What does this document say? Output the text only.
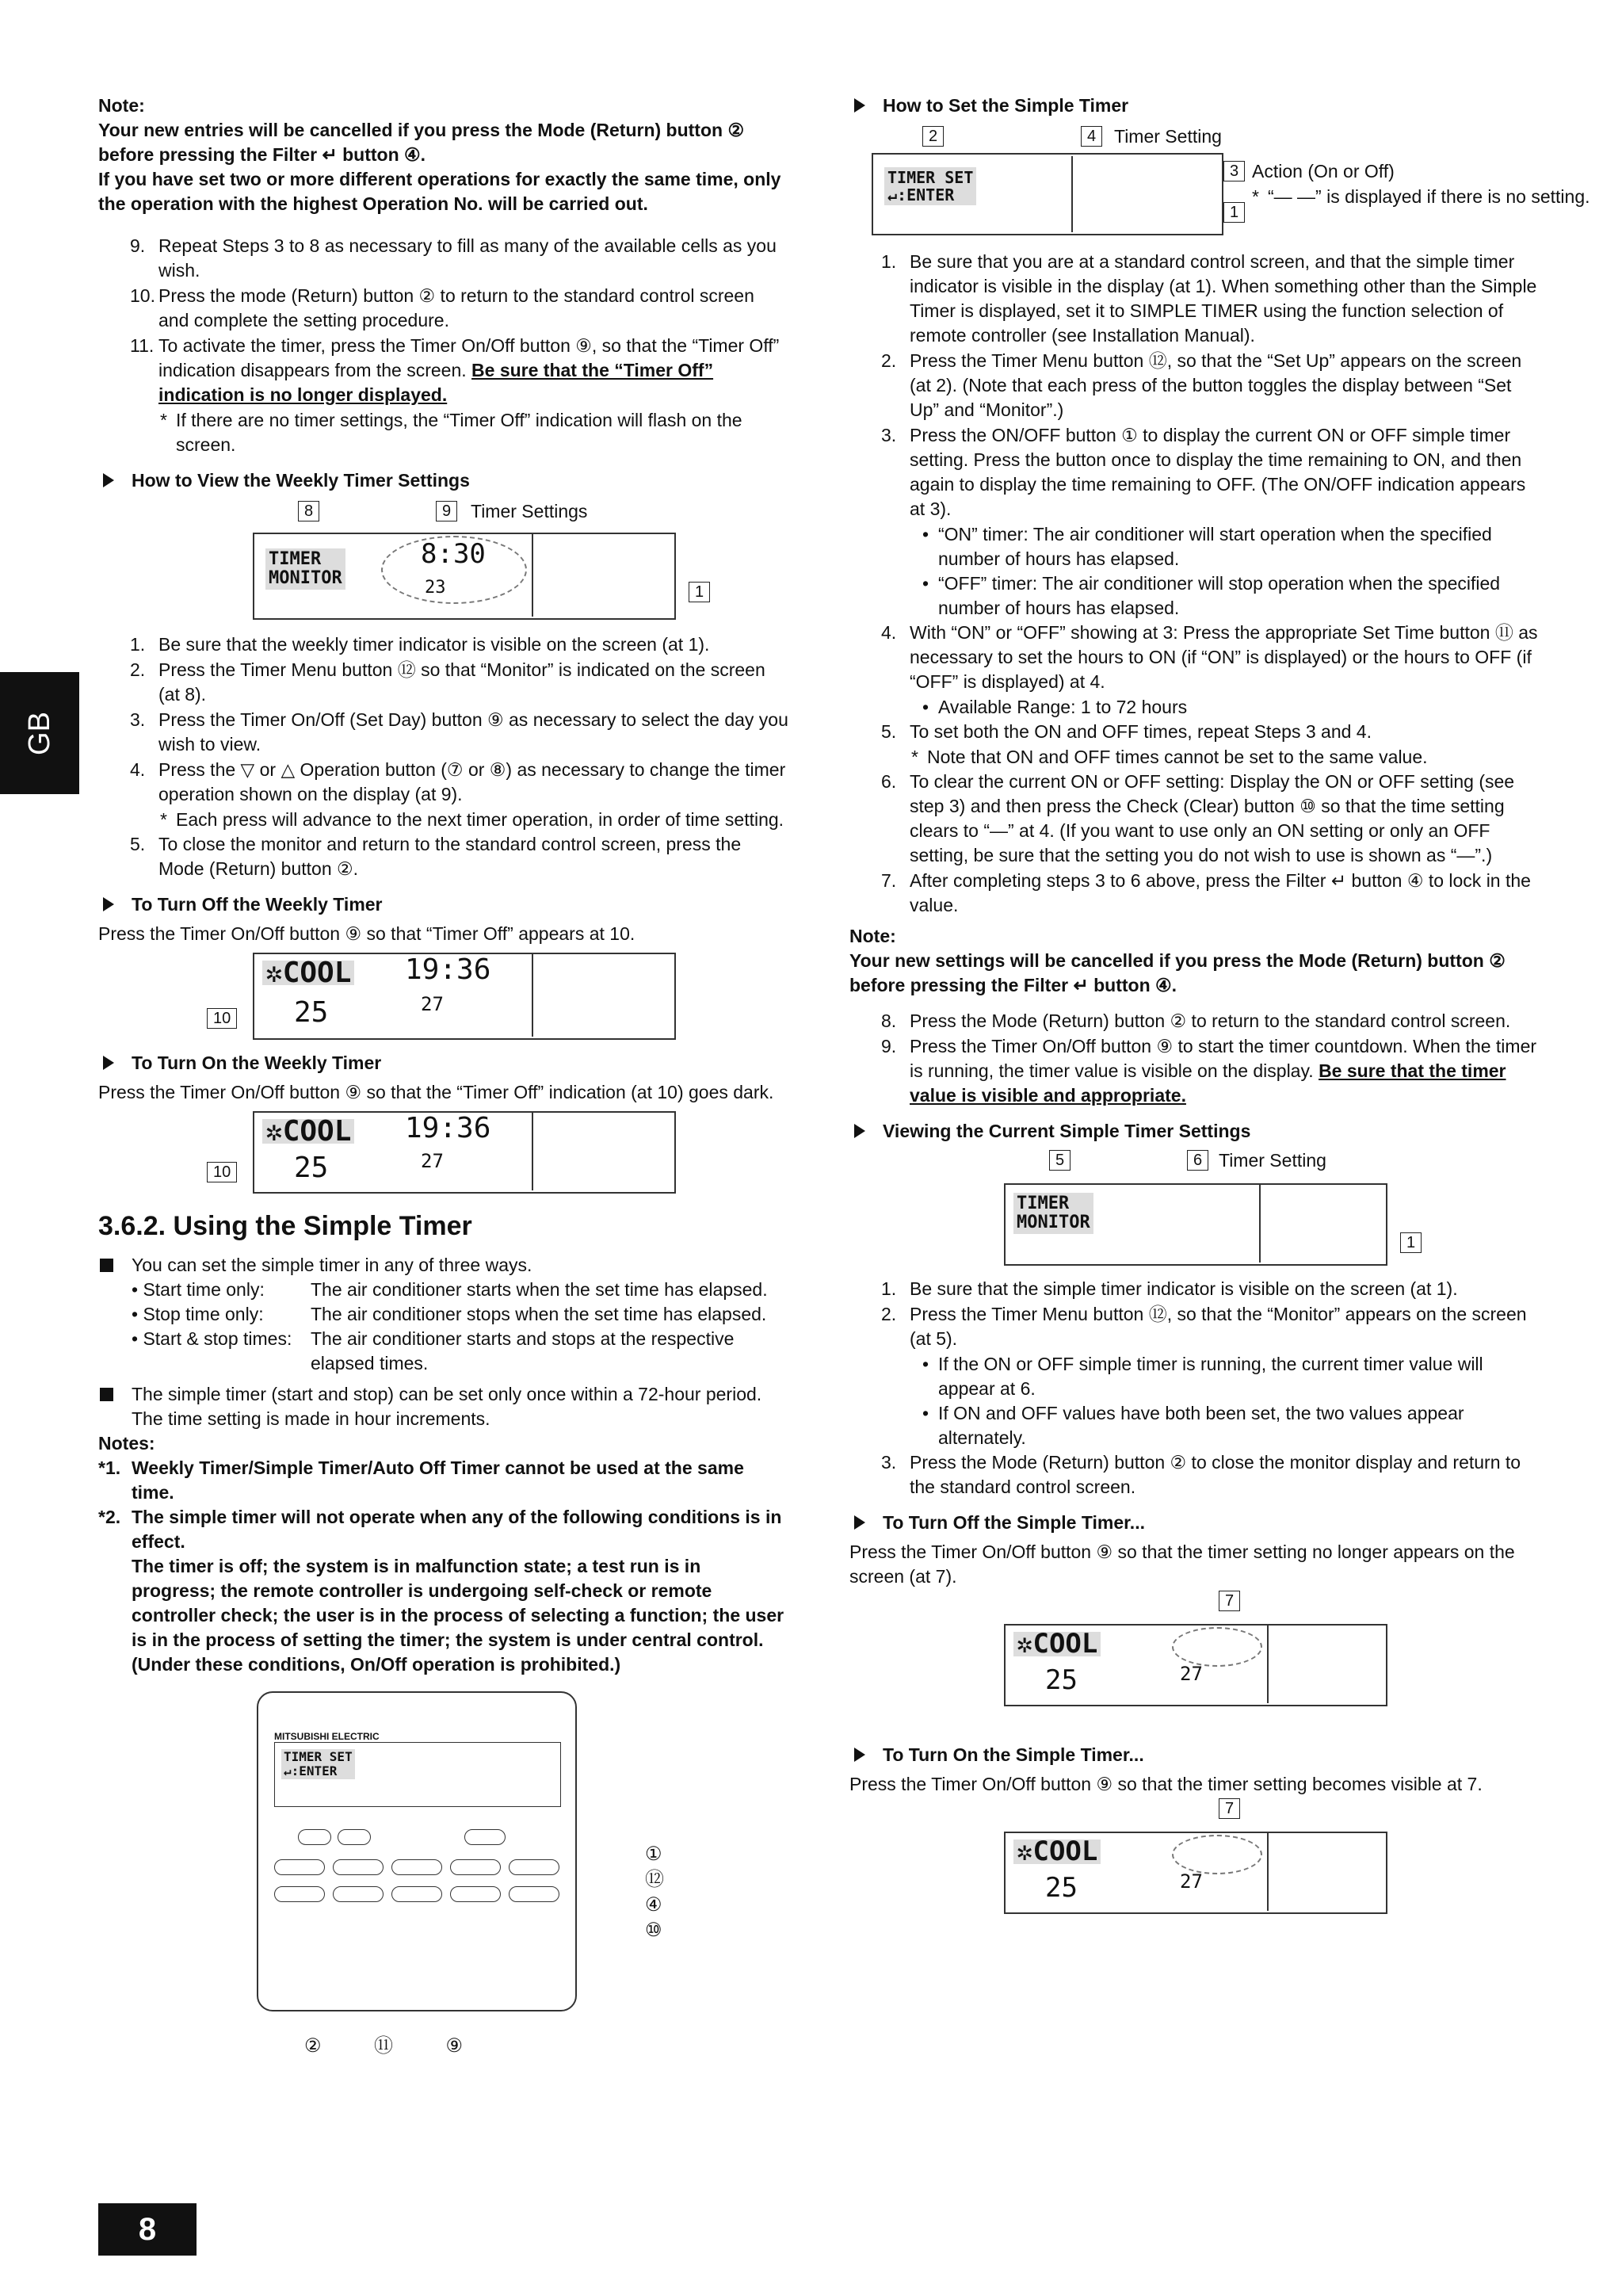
GB

Note:

Your new entries will be cancelled if you press the Mode (Return) button ② before pressing the Filter ↵ button ④.

If you have set two or more different operations for exactly the same time, only the operation with the highest Operation No. will be carried out.

9. Repeat Steps 3 to 8 as necessary to fill as many of the available cells as you wish.
10. Press the mode (Return) button ② to return to the standard control screen and complete the setting procedure.
11. To activate the timer, press the Timer On/Off button ⑨, so that the “Timer Off” indication disappears from the screen. Be sure that the “Timer Off” indication is no longer displayed.

* If there are no timer settings, the “Timer Off” indication will flash on the screen.

How to View the Weekly Timer Settings
8	9	Timer Settings
TIMER
MONITOR
8:30
23	1
1. Be sure that the weekly timer indicator is visible on the screen (at 1).
2. Press the Timer Menu button ⑫ so that “Monitor” is indicated on the screen (at 8).
3. Press the Timer On/Off (Set Day) button ⑨ as necessary to select the day you wish to view.
4. Press the ▽ or △ Operation button (⑦ or ⑧) as necessary to change the timer operation shown on the display (at 9).

* Each press will advance to the next timer operation, in order of time setting.

5. To close the monitor and return to the standard control screen, press the Mode (Return) button ②.
To Turn Off the Weekly Timer

Press the Timer On/Off button ⑨ so that “Timer Off” appears at 10.

✲COOL 19:36
25	27
10
To Turn On the Weekly Timer

Press the Timer On/Off button ⑨ so that the “Timer Off” indication (at 10) goes dark.

✲COOL 19:36
25	27
10
3.6.2. Using the Simple Timer

You can set the simple timer in any of three ways.

• Start time only:	The air conditioner starts when the set time has elapsed.
• Stop time only:	The air conditioner stops when the set time has elapsed.
• Start & stop times:	The air conditioner starts and stops at the respective elapsed times.

The simple timer (start and stop) can be set only once within a 72-hour period.

The time setting is made in hour increments.

Notes:

*1. Weekly Timer/Simple Timer/Auto Off Timer cannot be used at the same time.

*2. The simple timer will not operate when any of the following conditions is in effect.

The timer is off; the system is in malfunction state; a test run is in progress; the remote controller is undergoing self-check or remote controller check; the user is in the process of selecting a function; the user is in the process of setting the timer; the system is under central control. (Under these conditions, On/Off operation is prohibited.)

MITSUBISHI ELECTRIC
TIMER SET
↵:ENTER
①
⑫
④
⑩
②	⑪	⑨
How to Set the Simple Timer
2	4 Timer Setting
TIMER SET
↵:ENTER
3
1
Action (On or Off)

* “— —” is displayed if there is no setting.

1. Be sure that you are at a standard control screen, and that the simple timer indicator is visible in the display (at 1). When something other than the Simple Timer is displayed, set it to SIMPLE TIMER using the function selection of remote controller (see Installation Manual).
2. Press the Timer Menu button ⑫, so that the “Set Up” appears on the screen (at 2). (Note that each press of the button toggles the display between “Set Up” and “Monitor”.)
3. Press the ON/OFF button ① to display the current ON or OFF simple timer setting. Press the button once to display the time remaining to ON, and then again to display the time remaining to OFF. (The ON/OFF indication appears at 3).
• “ON” timer: The air conditioner will start operation when the specified number of hours has elapsed.
• “OFF” timer: The air conditioner will stop operation when the specified number of hours has elapsed.
4. With “ON” or “OFF” showing at 3: Press the appropriate Set Time button ⑪ as necessary to set the hours to ON (if “ON” is displayed) or the hours to OFF (if “OFF” is displayed) at 4.
• Available Range: 1 to 72 hours
5. To set both the ON and OFF times, repeat Steps 3 and 4.

* Note that ON and OFF times cannot be set to the same value.

6. To clear the current ON or OFF setting: Display the ON or OFF setting (see step 3) and then press the Check (Clear) button ⑩ so that the time setting clears to “—” at 4. (If you want to use only an ON setting or only an OFF setting, be sure that the setting you do not wish to use is shown as “—”.)
7. After completing steps 3 to 6 above, press the Filter ↵ button ④ to lock in the value.

Note:

Your new settings will be cancelled if you press the Mode (Return) button ② before pressing the Filter ↵ button ④.

8. Press the Mode (Return) button ② to return to the standard control screen.
9. Press the Timer On/Off button ⑨ to start the timer countdown. When the timer is running, the timer value is visible on the display. Be sure that the timer value is visible and appropriate.
Viewing the Current Simple Timer Settings
5	6 Timer Setting
TIMER
MONITOR
1
1. Be sure that the simple timer indicator is visible on the screen (at 1).
2. Press the Timer Menu button ⑫, so that the “Monitor” appears on the screen (at 5).
• If the ON or OFF simple timer is running, the current timer value will appear at 6.
• If ON and OFF values have both been set, the two values appear alternately.
3. Press the Mode (Return) button ② to close the monitor display and return to the standard control screen.
To Turn Off the Simple Timer...

Press the Timer On/Off button ⑨ so that the timer setting no longer appears on the screen (at 7).

7
✲COOL
25	27
To Turn On the Simple Timer...

Press the Timer On/Off button ⑨ so that the timer setting becomes visible at 7.

7
✲COOL
25	27
8
